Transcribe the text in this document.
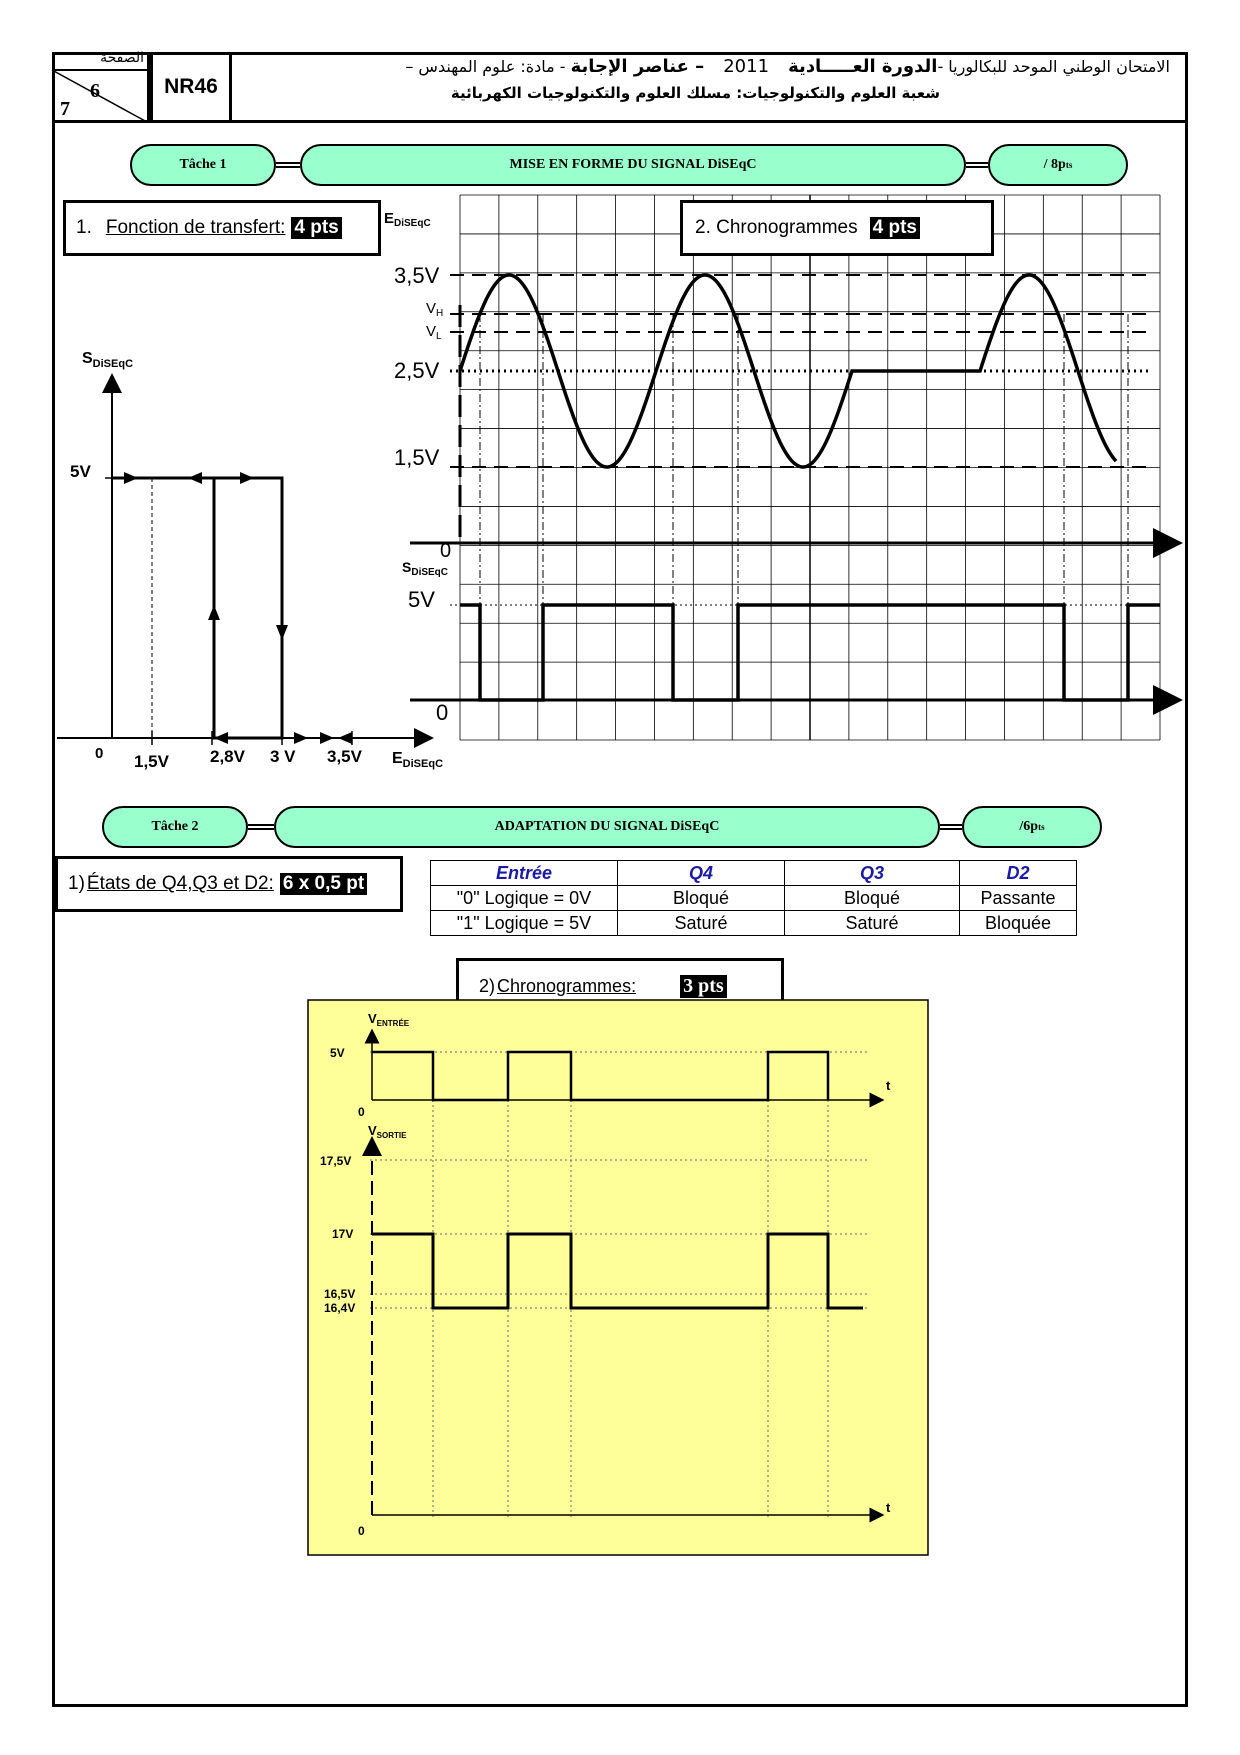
الصفحة
6
7
NR46
الامتحان الوطني الموحد للبكالوريا -الدورة العـــــادية 2011 – عناصر الإجابة - مادة: علوم المهندس –
شعبة العلوم والتكنولوجيات: مسلك العلوم والتكنولوجيات الكهربائية
Tâche 1	MISE EN FORME DU SIGNAL DiSEqC	/ 8p ts
1. Fonction de transfert: 4 pts
$S_{DiSEqC}$
5V
0 1,5V 2,8V 3 V 3,5V $E_{DiSEqC}$
$E_{DiSEqC}$
3,5V
$V_H$
$V_L$
2,5V
1,5V
0
$S_{DiSEqC}$
5V
0
2. Chronogrammes 4 pts
Tâche 2	ADAPTATION DU SIGNAL DiSEqC	/6p ts
1) États de Q4,Q3 et D2: 6 x 0,5 pt
Entrée	Q4	Q3	D2
"0" Logique = 0V	Bloqué	Bloqué	Passante
"1" Logique = 5V	Saturé	Saturé	Bloquée
2) Chronogrammes: 3 pts
$V_{ENTRÉE}$
5V
0
t
$V_{SORTIE}$
17,5V
17V
16,5V
16,4V
0
t
